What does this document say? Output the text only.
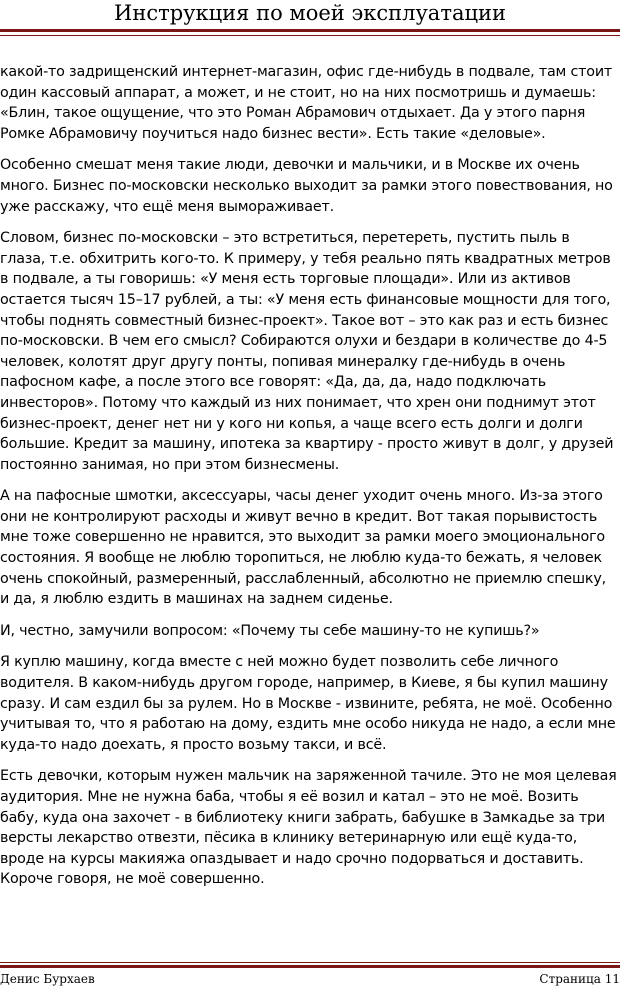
Инструкция по моей эксплуатации

какой-то задрищенский интернет-магазин, офис где-нибудь в подвале, там стоит один кассовый аппарат, а может, и не стоит, но на них посмотришь и думаешь: «Блин, такое ощущение, что это Роман Абрамович отдыхает. Да у этого парня Ромке Абрамовичу поучиться надо бизнес вести». Есть такие «деловые».

Особенно смешат меня такие люди, девочки и мальчики, и в Москве их очень много. Бизнес по-московски несколько выходит за рамки этого повествования, но уже расскажу, что ещё меня вымораживает.

Словом, бизнес по-московски – это встретиться, перетереть, пустить пыль в глаза, т.е. обхитрить кого-то. К примеру, у тебя реально пять квадратных метров в подвале, а ты говоришь: «У меня есть торговые площади». Или из активов остается тысяч 15–17 рублей, а ты: «У меня есть финансовые мощности для того, чтобы поднять совместный бизнес-проект». Такое вот – это как раз и есть бизнес по-московски. В чем его смысл? Собираются олухи и бездари в количестве до 4-5 человек, колотят друг другу понты, попивая минералку где-нибудь в очень пафосном кафе, а после этого все говорят: «Да, да, да, надо подключать инвесторов». Потому что каждый из них понимает, что хрен они поднимут этот бизнес-проект, денег нет ни у кого ни копья, а чаще всего есть долги и долги большие. Кредит за машину, ипотека за квартиру - просто живут в долг, у друзей постоянно занимая, но при этом бизнесмены.

А на пафосные шмотки, аксессуары, часы денег уходит очень много. Из-за этого они не контролируют расходы и живут вечно в кредит. Вот такая порывистость мне тоже совершенно не нравится, это выходит за рамки моего эмоционального состояния. Я вообще не люблю торопиться, не люблю куда-то бежать, я человек очень спокойный, размеренный, расслабленный, абсолютно не приемлю спешку, и да, я люблю ездить в машинах на заднем сиденье.

И, честно, замучили вопросом: «Почему ты себе машину-то не купишь?»

Я куплю машину, когда вместе с ней можно будет позволить себе личного водителя. В каком-нибудь другом городе, например, в Киеве, я бы купил машину сразу. И сам ездил бы за рулем. Но в Москве - извините, ребята, не моё. Особенно учитывая то, что я работаю на дому, ездить мне особо никуда не надо, а если мне куда-то надо доехать, я просто возьму такси, и всё.

Есть девочки, которым нужен мальчик на заряженной тачиле. Это не моя целевая аудитория. Мне не нужна баба, чтобы я её возил и катал – это не моё. Возить бабу, куда она захочет - в библиотеку книги забрать, бабушке в Замкадье за три версты лекарство отвезти, пёсика в клинику ветеринарную или ещё куда-то, вроде на курсы макияжа опаздывает и надо срочно подорваться и доставить. Короче говоря, не моё совершенно.

Денис Бурхаев	Страница 11
